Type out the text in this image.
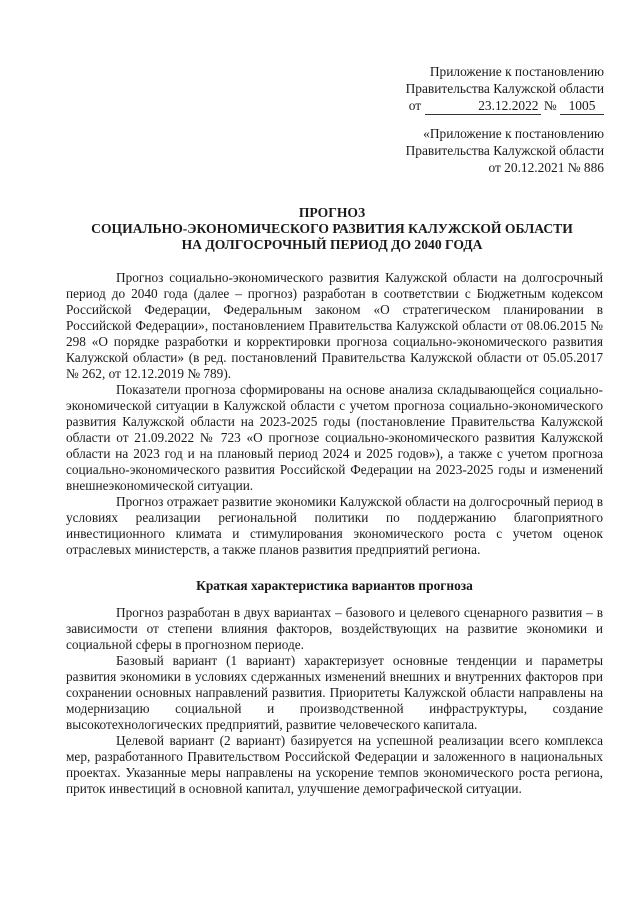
Приложение к постановлению
Правительства Калужской области
от	23.12.2022 № 1005
«Приложение к постановлению
Правительства Калужской области
от 20.12.2021 № 886
ПРОГНОЗ
СОЦИАЛЬНО-ЭКОНОМИЧЕСКОГО РАЗВИТИЯ КАЛУЖСКОЙ ОБЛАСТИ
НА ДОЛГОСРОЧНЫЙ ПЕРИОД ДО 2040 ГОДА

Прогноз социально-экономического развития Калужской области на долгосрочный период до 2040 года (далее – прогноз) разработан в соответствии с Бюджетным кодексом Российской Федерации, Федеральным законом «О стратегическом планировании в Российской Федерации», постановлением Правительства Калужской области от 08.06.2015 № 298 «О порядке разработки и корректировки прогноза социально-экономического развития Калужской области» (в ред. постановлений Правительства Калужской области от 05.05.2017 № 262, от 12.12.2019 № 789).

Показатели прогноза сформированы на основе анализа складывающейся социально-экономической ситуации в Калужской области с учетом прогноза социально-экономического развития Калужской области на 2023-2025 годы (постановление Правительства Калужской области от 21.09.2022 № 723 «О прогнозе социально-экономического развития Калужской области на 2023 год и на плановый период 2024 и 2025 годов»), а также с учетом прогноза социально-экономического развития Российской Федерации на 2023-2025 годы и изменений внешнеэкономической ситуации.

Прогноз отражает развитие экономики Калужской области на долгосрочный период в условиях реализации региональной политики по поддержанию благоприятного инвестиционного климата и стимулирования экономического роста с учетом оценок отраслевых министерств, а также планов развития предприятий региона.

Краткая характеристика вариантов прогноза

Прогноз разработан в двух вариантах – базового и целевого сценарного развития – в зависимости от степени влияния факторов, воздействующих на развитие экономики и социальной сферы в прогнозном периоде.

Базовый вариант (1 вариант) характеризует основные тенденции и параметры развития экономики в условиях сдержанных изменений внешних и внутренних факторов при сохранении основных направлений развития. Приоритеты Калужской области направлены на модернизацию социальной и производственной инфраструктуры, создание высокотехнологических предприятий, развитие человеческого капитала.

Целевой вариант (2 вариант) базируется на успешной реализации всего комплекса мер, разработанного Правительством Российской Федерации и заложенного в национальных проектах. Указанные меры направлены на ускорение темпов экономического роста региона, приток инвестиций в основной капитал, улучшение демографической ситуации.
